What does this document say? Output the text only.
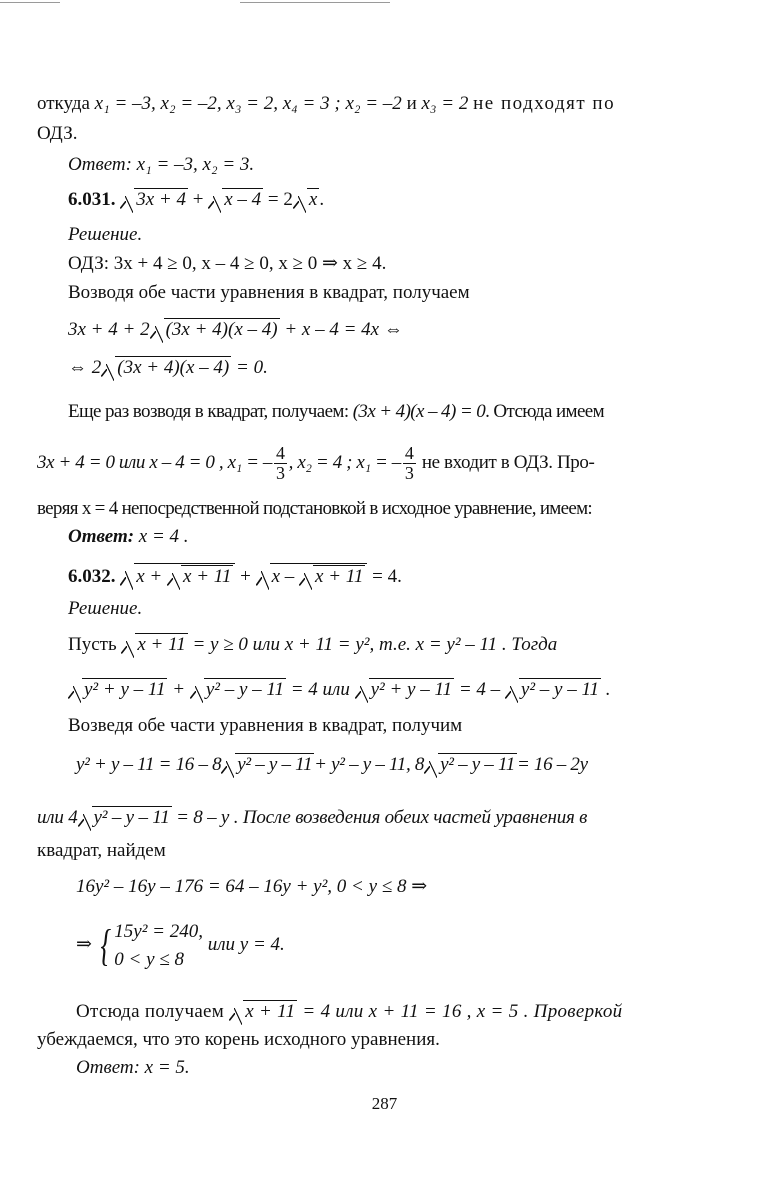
откуда x₁ = –3, x₂ = –2, x₃ = 2, x₄ = 3 ; x₂ = –2 и x₃ = 2 не подходят по
ОДЗ.
Ответ: x₁ = –3, x₂ = 3.
6.031. 3x + 4 + x – 4 = 2 x .
Решение.
ОДЗ: 3x + 4 ≥ 0, x – 4 ≥ 0, x ≥ 0 ⇒ x ≥ 4.
Возводя обе части уравнения в квадрат, получаем
3x + 4 + 2 (3x + 4)(x – 4) + x – 4 = 4x ⇔
⇔ 2 (3x + 4)(x – 4) = 0.
Еще раз возводя в квадрат, получаем: (3x + 4)(x – 4) = 0. Отсюда имеем
3x + 4 = 0 или x – 4 = 0 , x₁ = – $\frac{4}{3}$ , x₂ = 4 ; x₁ = – $\frac{4}{3}$ не входит в ОДЗ. Про-
веряя x = 4 непосредственной подстановкой в исходное уравнение, имеем:
Ответ: x = 4 .
6.032. x + x + 11 + x – x + 11 = 4.
Решение.
Пусть x + 11 = y ≥ 0 или x + 11 = y², т.е. x = y² – 11 . Тогда
y² + y – 11 + y² – y – 11 = 4 или y² + y – 11 = 4 – y² – y – 11 .
Возведя обе части уравнения в квадрат, получим
y² + y – 11 = 16 – 8 y² – y – 11 + y² – y – 11, 8 y² – y – 11 = 16 – 2y
или 4 y² – y – 11 = 8 – y . После возведения обеих частей уравнения в
квадрат, найдем
16y² – 16y – 176 = 64 – 16y + y², 0 < y ≤ 8 ⇒
⇒ { 15y² = 240,
0 < y ≤ 8 или y = 4.
Отсюда получаем x + 11 = 4 или x + 11 = 16 , x = 5 . Проверкой
убеждаемся, что это корень исходного уравнения.
Ответ: x = 5.
287
